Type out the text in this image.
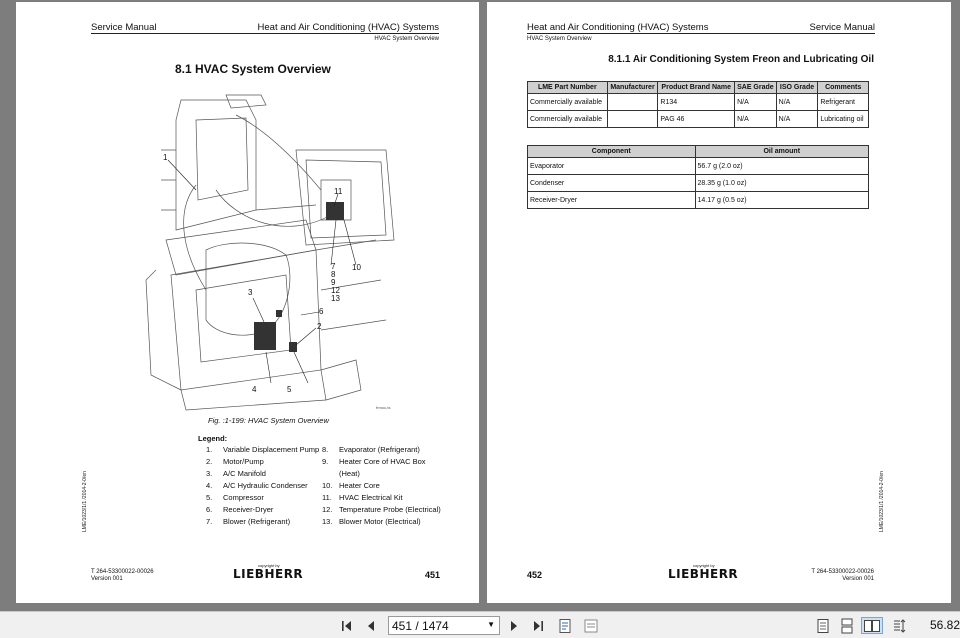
Service Manual	Heat and Air Conditioning (HVAC) Systems
HVAC System Overview
8.1 HVAC System Overview
1
11
10
7
8
9
12
13
6
3
2
4	5
frmoc-ts
Fig. :1-199: HVAC System Overview
Legend:
1.	Variable Displacement Pump
2.	Motor/Pump
3.	A/C Manifold
4.	A/C Hydraulic Condenser
5.	Compressor
6.	Receiver-Dryer
7.	Blower (Refrigerant)
8.	Evaporator (Refrigerant)
9.	Heater Core of HVAC Box (Heat)
10. Heater Core
11. HVAC Electrical Kit
12. Temperature Probe (Electrical)
13. Blower Motor (Electrical)
LME/1023/1/1 /2014-2-0/en
T 264-53300022-00026
Version 001
copyright by
LIEBHERR	451
Heat and Air Conditioning (HVAC) Systems	Service Manual
HVAC System Overview
8.1.1 Air Conditioning System Freon and Lubricating Oil
LME Part Number	Manufacturer	Product Brand Name	SAE Grade	ISO Grade	Comments
Commercially available		R134	N/A	N/A	Refrigerant
Commercially available		PAG 46	N/A	N/A	Lubricating oil
Component	Oil amount
Evaporator	56.7 g (2.0 oz)
Condenser	28.35 g (1.0 oz)
Receiver-Dryer	14.17 g (0.5 oz)
LME/1023/1/1 /2014-2-0/en
452
copyright by
LIEBHERR	T 264-53300022-00026
Version 001
451 / 1474	▼	56.82
